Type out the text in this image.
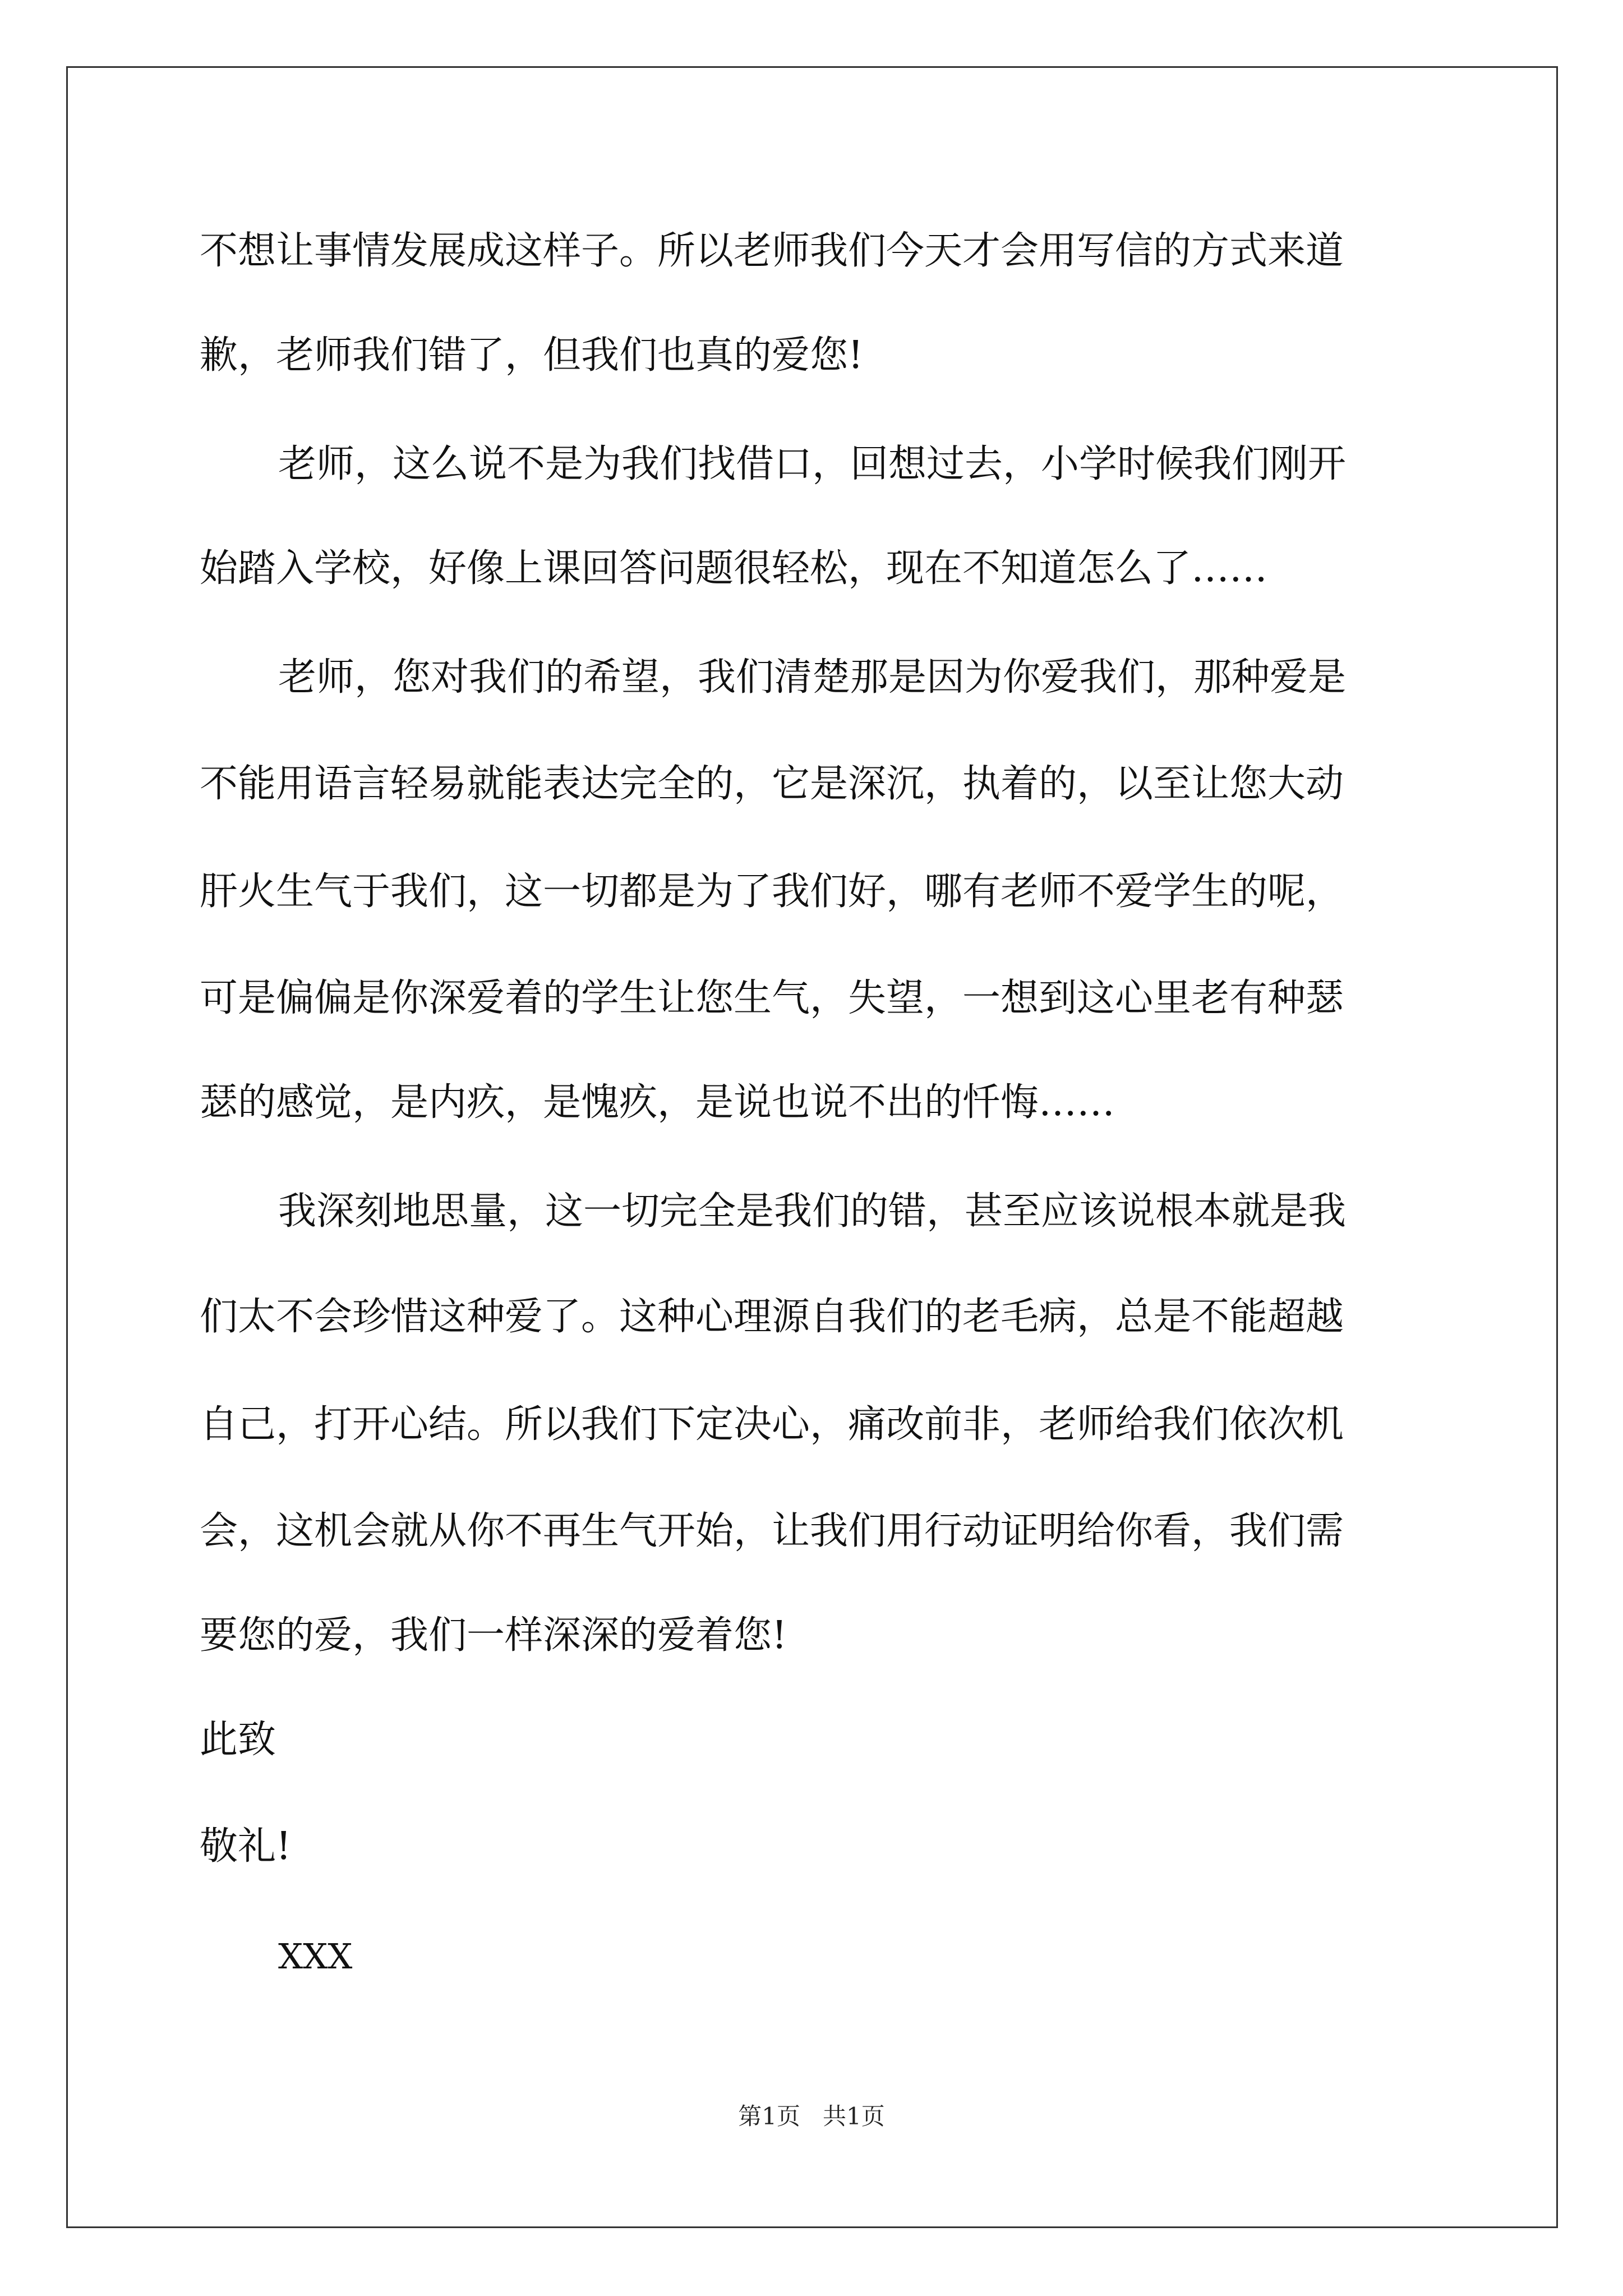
不想让事情发展成这样子。所以老师我们今天才会用写信的方式来道
歉，老师我们错了，但我们也真的爱您!
老师，这么说不是为我们找借口，回想过去，小学时候我们刚开
始踏入学校，好像上课回答问题很轻松，现在不知道怎么了……
老师，您对我们的希望，我们清楚那是因为你爱我们，那种爱是
不能用语言轻易就能表达完全的，它是深沉，执着的，以至让您大动
肝火生气于我们，这一切都是为了我们好，哪有老师不爱学生的呢，
可是偏偏是你深爱着的学生让您生气，失望，一想到这心里老有种瑟
瑟的感觉，是内疚，是愧疚，是说也说不出的忏悔……
我深刻地思量，这一切完全是我们的错，甚至应该说根本就是我
们太不会珍惜这种爱了。这种心理源自我们的老毛病，总是不能超越
自己，打开心结。所以我们下定决心，痛改前非，老师给我们依次机
会，这机会就从你不再生气开始，让我们用行动证明给你看，我们需
要您的爱，我们一样深深的爱着您!
此致
敬礼!
XXX
第1页   共1页
